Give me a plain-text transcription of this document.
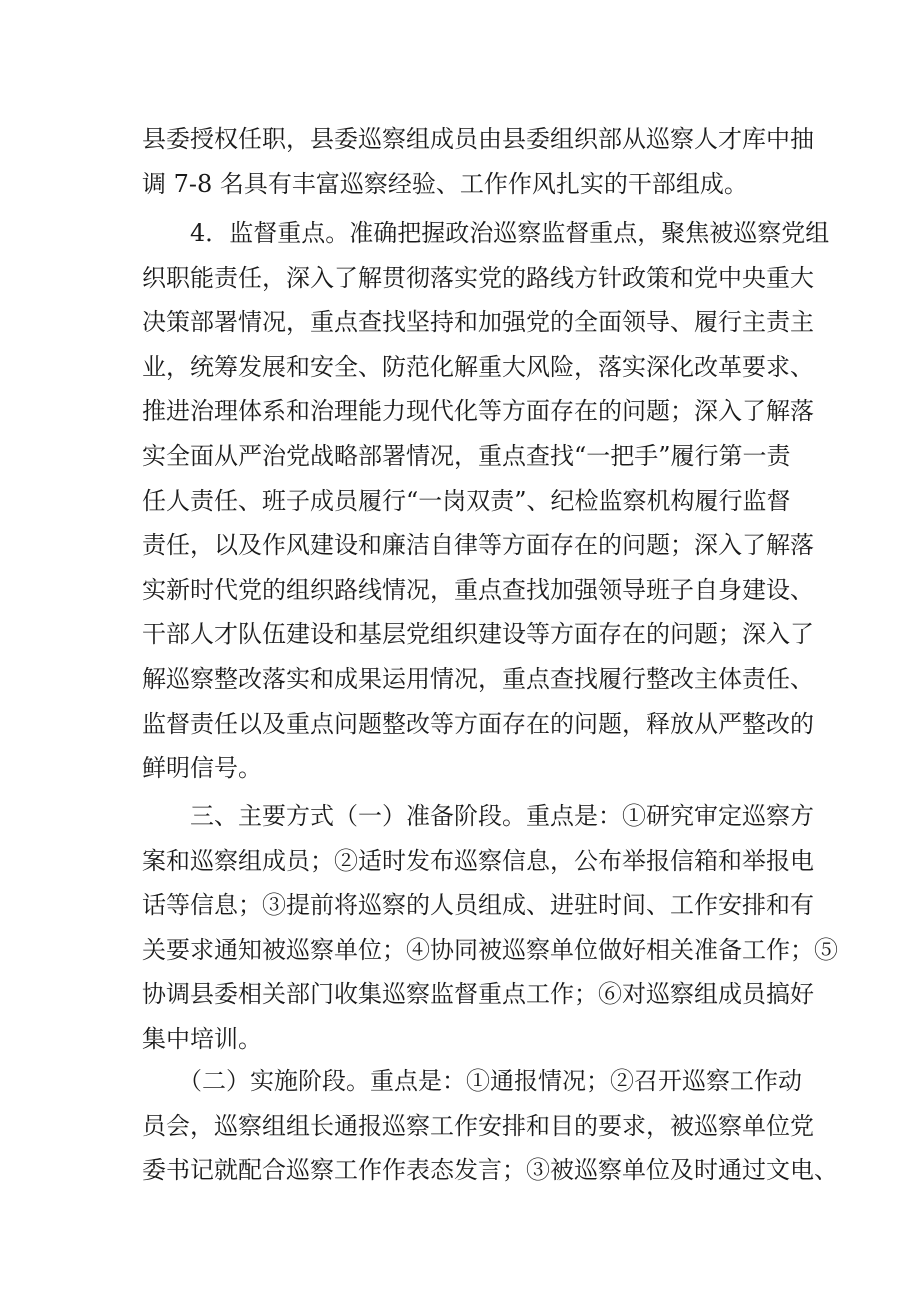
县委授权任职，县委巡察组成员由县委组织部从巡察人才库中抽
调 7-8 名具有丰富巡察经验、工作作风扎实的干部组成。
　　4．监督重点。准确把握政治巡察监督重点，聚焦被巡察党组
织职能责任，深入了解贯彻落实党的路线方针政策和党中央重大
决策部署情况，重点查找坚持和加强党的全面领导、履行主责主
业，统筹发展和安全、防范化解重大风险，落实深化改革要求、
推进治理体系和治理能力现代化等方面存在的问题；深入了解落
实全面从严治党战略部署情况，重点查找“一把手”履行第一责
任人责任、班子成员履行“一岗双责”、纪检监察机构履行监督
责任，以及作风建设和廉洁自律等方面存在的问题；深入了解落
实新时代党的组织路线情况，重点查找加强领导班子自身建设、
干部人才队伍建设和基层党组织建设等方面存在的问题；深入了
解巡察整改落实和成果运用情况，重点查找履行整改主体责任、
监督责任以及重点问题整改等方面存在的问题，释放从严整改的
鲜明信号。
　　三、主要方式（一）准备阶段。重点是：①研究审定巡察方
案和巡察组成员；②适时发布巡察信息，公布举报信箱和举报电
话等信息；③提前将巡察的人员组成、进驻时间、工作安排和有
关要求通知被巡察单位；④协同被巡察单位做好相关准备工作；⑤
协调县委相关部门收集巡察监督重点工作；⑥对巡察组成员搞好
集中培训。
　　（二）实施阶段。重点是：①通报情况；②召开巡察工作动
员会，巡察组组长通报巡察工作安排和目的要求，被巡察单位党
委书记就配合巡察工作作表态发言；③被巡察单位及时通过文电、
